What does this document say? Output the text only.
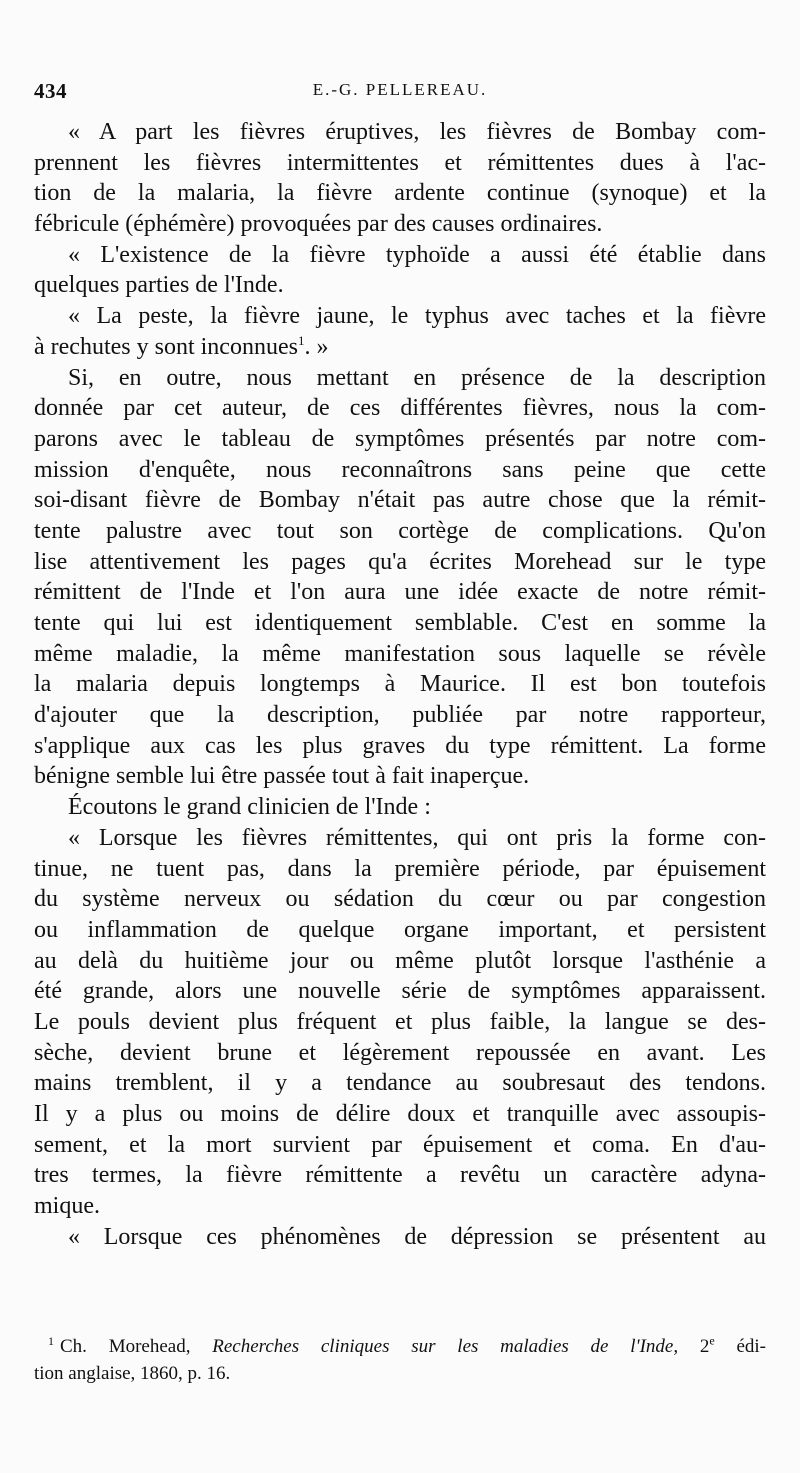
434	E.-G. PELLEREAU.
« A part les fièvres éruptives, les fièvres de Bombay com-
prennent les fièvres intermittentes et rémittentes dues à l'ac-
tion de la malaria, la fièvre ardente continue (synoque) et la
fébricule (éphémère) provoquées par des causes ordinaires.
« L'existence de la fièvre typhoïde a aussi été établie dans
quelques parties de l'Inde.
« La peste, la fièvre jaune, le typhus avec taches et la fièvre
à rechutes y sont inconnues$^1$. »
Si, en outre, nous mettant en présence de la description
donnée par cet auteur, de ces différentes fièvres, nous la com-
parons avec le tableau de symptômes présentés par notre com-
mission d'enquête, nous reconnaîtrons sans peine que cette
soi-disant fièvre de Bombay n'était pas autre chose que la rémit-
tente palustre avec tout son cortège de complications. Qu'on
lise attentivement les pages qu'a écrites Morehead sur le type
rémittent de l'Inde et l'on aura une idée exacte de notre rémit-
tente qui lui est identiquement semblable. C'est en somme la
même maladie, la même manifestation sous laquelle se révèle
la malaria depuis longtemps à Maurice. Il est bon toutefois
d'ajouter que la description, publiée par notre rapporteur,
s'applique aux cas les plus graves du type rémittent. La forme
bénigne semble lui être passée tout à fait inaperçue.
Écoutons le grand clinicien de l'Inde :
« Lorsque les fièvres rémittentes, qui ont pris la forme con-
tinue, ne tuent pas, dans la première période, par épuisement
du système nerveux ou sédation du cœur ou par congestion
ou inflammation de quelque organe important, et persistent
au delà du huitième jour ou même plutôt lorsque l'asthénie a
été grande, alors une nouvelle série de symptômes apparaissent.
Le pouls devient plus fréquent et plus faible, la langue se des-
sèche, devient brune et légèrement repoussée en avant. Les
mains tremblent, il y a tendance au soubresaut des tendons.
Il y a plus ou moins de délire doux et tranquille avec assoupis-
sement, et la mort survient par épuisement et coma. En d'au-
tres termes, la fièvre rémittente a revêtu un caractère adyna-
mique.
« Lorsque ces phénomènes de dépression se présentent au
$^1$ Ch. Morehead, Recherches cliniques sur les maladies de l'Inde, 2e édi-
tion anglaise, 1860, p. 16.
